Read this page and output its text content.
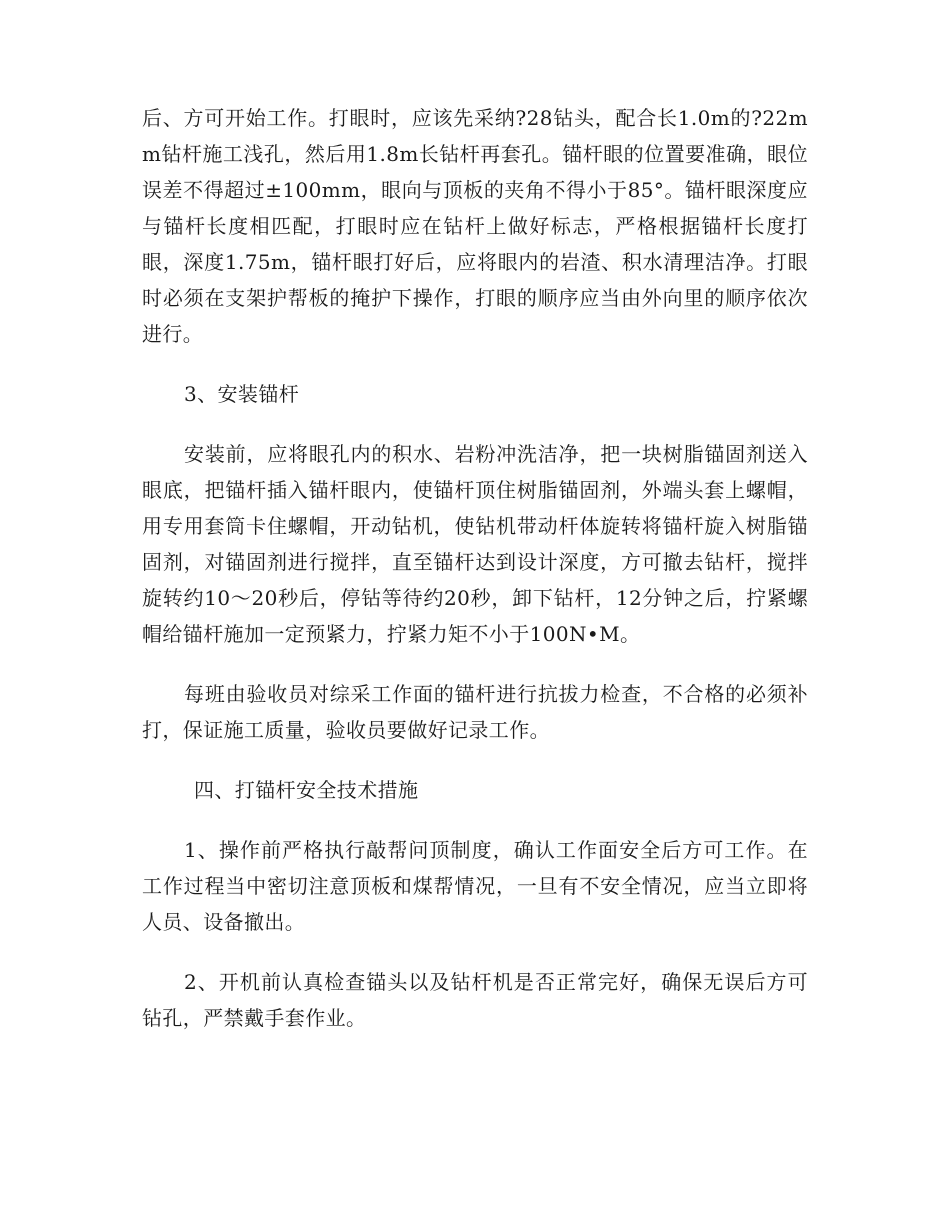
后、方可开始工作。打眼时，应该先采纳?28钻头，配合长1.0m的?22mm钻杆施工浅孔，然后用1.8m长钻杆再套孔。锚杆眼的位置要准确，眼位误差不得超过±100mm，眼向与顶板的夹角不得小于85°。锚杆眼深度应与锚杆长度相匹配，打眼时应在钻杆上做好标志，严格根据锚杆长度打眼，深度1.75m，锚杆眼打好后，应将眼内的岩渣、积水清理洁净。打眼时必须在支架护帮板的掩护下操作，打眼的顺序应当由外向里的顺序依次进行。

3、安装锚杆

安装前，应将眼孔内的积水、岩粉冲洗洁净，把一块树脂锚固剂送入眼底，把锚杆插入锚杆眼内，使锚杆顶住树脂锚固剂，外端头套上螺帽，用专用套筒卡住螺帽，开动钻机，使钻机带动杆体旋转将锚杆旋入树脂锚固剂，对锚固剂进行搅拌，直至锚杆达到设计深度，方可撤去钻杆，搅拌旋转约10～20秒后，停钻等待约20秒，卸下钻杆，12分钟之后，拧紧螺帽给锚杆施加一定预紧力，拧紧力矩不小于100N•M。

每班由验收员对综采工作面的锚杆进行抗拔力检查，不合格的必须补打，保证施工质量，验收员要做好记录工作。

四、打锚杆安全技术措施

1、操作前严格执行敲帮问顶制度，确认工作面安全后方可工作。在工作过程当中密切注意顶板和煤帮情况，一旦有不安全情况，应当立即将人员、设备撤出。

2、开机前认真检查锚头以及钻杆机是否正常完好，确保无误后方可钻孔，严禁戴手套作业。
